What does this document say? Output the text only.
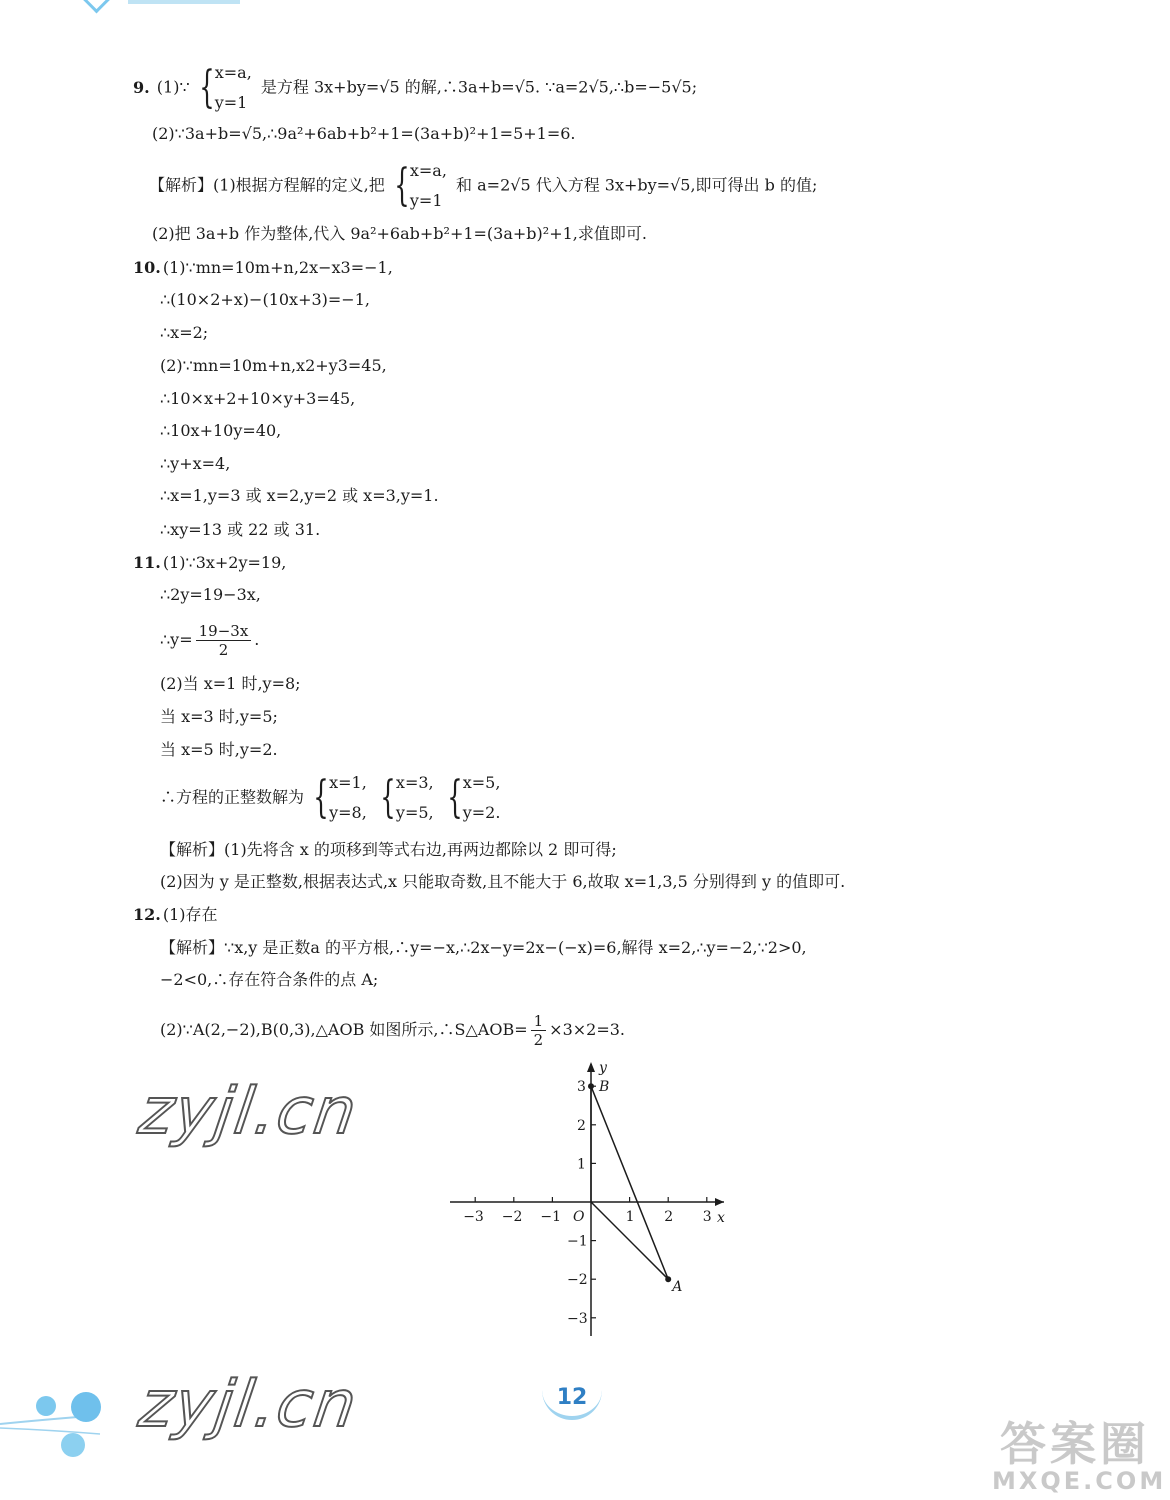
9. (1)∵ { x=a,
y=1
是方程 3x+by=√5 的解,∴3a+b=√5. ∵a=2√5,∴b=−5√5;
(2)∵3a+b=√5,∴9a²+6ab+b²+1=(3a+b)²+1=5+1=6.
【解析】(1)根据方程解的定义,把 { x=a,
y=1
和 a=2√5 代入方程 3x+by=√5,即可得出 b 的值;
(2)把 3a+b 作为整体,代入 9a²+6ab+b²+1=(3a+b)²+1,求值即可.
10. (1)∵mn=10m+n,2x−x3=−1,
∴(10×2+x)−(10x+3)=−1,
∴x=2;
(2)∵mn=10m+n,x2+y3=45,
∴10×x+2+10×y+3=45,
∴10x+10y=40,
∴y+x=4,
∴x=1,y=3 或 x=2,y=2 或 x=3,y=1.
∴xy=13 或 22 或 31.
11. (1)∵3x+2y=19,
∴2y=19−3x,
∴y= $\frac{19-3x}{2}$ .
(2)当 x=1 时,y=8;
当 x=3 时,y=5;
当 x=5 时,y=2.
∴方程的正整数解为 { x=1,
y=8,
{ x=3,
y=5,
{ x=5,
y=2.
【解析】(1)先将含 x 的项移到等式右边,再两边都除以 2 即可得;
(2)因为 y 是正整数,根据表达式,x 只能取奇数,且不能大于 6,故取 x=1,3,5 分别得到 y 的值即可.
12. (1)存在
【解析】∵x,y 是正数a 的平方根,∴y=−x,∴2x−y=2x−(−x)=6,解得 x=2,∴y=−2,∵2>0,
−2<0,∴存在符合条件的点 A;
(2)∵A(2,−2),B(0,3),△AOB 如图所示,∴S△AOB= $\frac{1}{2} \times 3\times 2=3$.
zyjl.cn
zyjl.cn
x
y
O
−3 −2 −1	1 2 3
3
2
1
−1
−2
−3
B
A
12
答案圈
MXQE.COM
